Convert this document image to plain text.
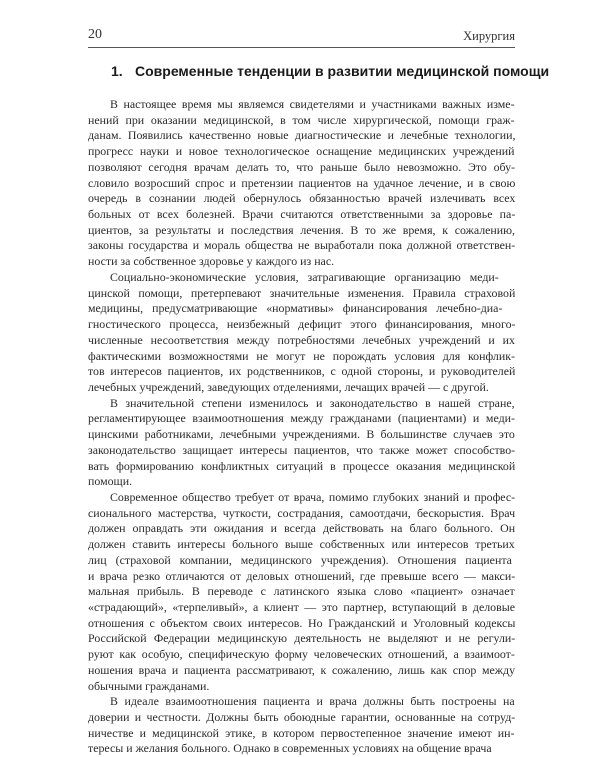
20	Хирургия
1. Современные тенденции в развитии медицинской помощи
В настоящее время мы являемся свидетелями и участниками важных изме-
нений при оказании медицинской, в том числе хирургической, помощи граж-
данам. Появились качественно новые диагностические и лечебные технологии,
прогресс науки и новое технологическое оснащение медицинских учреждений
позволяют сегодня врачам делать то, что раньше было невозможно. Это обу-
словило возросший спрос и претензии пациентов на удачное лечение, и в свою
очередь в сознании людей обернулось обязанностью врачей излечивать всех
больных от всех болезней. Врачи считаются ответственными за здоровье па-
циентов, за результаты и последствия лечения. В то же время, к сожалению,
законы государства и мораль общества не выработали пока должной ответствен-
ности за собственное здоровье у каждого из нас.
Социально-экономические условия, затрагивающие организацию меди-
цинской помощи, претерпевают значительные изменения. Правила страховой
медицины, предусматривающие «нормативы» финансирования лечебно-диа-
гностического процесса, неизбежный дефицит этого финансирования, много-
численные несоответствия между потребностями лечебных учреждений и их
фактическими возможностями не могут не порождать условия для конфлик-
тов интересов пациентов, их родственников, с одной стороны, и руководителей
лечебных учреждений, заведующих отделениями, лечащих врачей — с другой.
В значительной степени изменилось и законодательство в нашей стране,
регламентирующее взаимоотношения между гражданами (пациентами) и меди-
цинскими работниками, лечебными учреждениями. В большинстве случаев это
законодательство защищает интересы пациентов, что также может способство-
вать формированию конфликтных ситуаций в процессе оказания медицинской
помощи.
Современное общество требует от врача, помимо глубоких знаний и профес-
сионального мастерства, чуткости, сострадания, самоотдачи, бескорыстия. Врач
должен оправдать эти ожидания и всегда действовать на благо больного. Он
должен ставить интересы больного выше собственных или интересов третьих
лиц (страховой компании, медицинского учреждения). Отношения пациента
и врача резко отличаются от деловых отношений, где превыше всего — макси-
мальная прибыль. В переводе с латинского языка слово «пациент» означает
«страдающий», «терпеливый», а клиент — это партнер, вступающий в деловые
отношения с объектом своих интересов. Но Гражданский и Уголовный кодексы
Российской Федерации медицинскую деятельность не выделяют и не регули-
руют как особую, специфическую форму человеческих отношений, а взаимоот-
ношения врача и пациента рассматривают, к сожалению, лишь как спор между
обычными гражданами.
В идеале взаимоотношения пациента и врача должны быть построены на
доверии и честности. Должны быть обоюдные гарантии, основанные на сотруд-
ничестве и медицинской этике, в котором первостепенное значение имеют ин-
тересы и желания больного. Однако в современных условиях на общение врача
